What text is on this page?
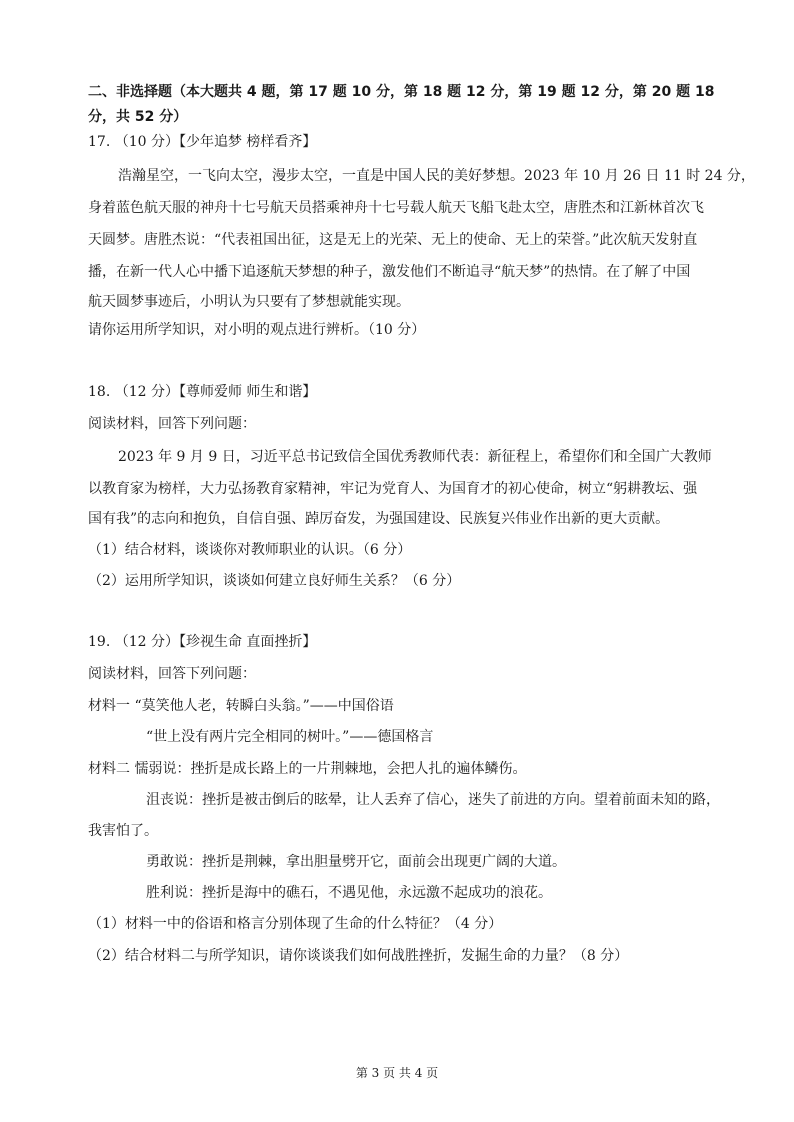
二、非选择题（本大题共 4 题，第 17 题 10 分，第 18 题 12 分，第 19 题 12 分，第 20 题 18
分，共 52 分）
17. （10 分）【少年追梦 榜样看齐】
浩瀚星空，一飞向太空，漫步太空，一直是中国人民的美好梦想。2023 年 10 月 26 日 11 时 24 分，
身着蓝色航天服的神舟十七号航天员搭乘神舟十七号载人航天飞船飞赴太空，唐胜杰和江新林首次飞
天圆梦。唐胜杰说：“代表祖国出征，这是无上的光荣、无上的使命、无上的荣誉。”此次航天发射直
播，在新一代人心中播下追逐航天梦想的种子，激发他们不断追寻“航天梦”的热情。在了解了中国
航天圆梦事迹后，小明认为只要有了梦想就能实现。
请你运用所学知识，对小明的观点进行辨析。（10 分）
18. （12 分）【尊师爱师 师生和谐】
阅读材料，回答下列问题：
2023 年 9 月 9 日，习近平总书记致信全国优秀教师代表：新征程上，希望你们和全国广大教师
以教育家为榜样，大力弘扬教育家精神，牢记为党育人、为国育才的初心使命，树立“躬耕教坛、强
国有我”的志向和抱负，自信自强、踔厉奋发，为强国建设、民族复兴伟业作出新的更大贡献。
（1）结合材料，谈谈你对教师职业的认识。（6 分）
（2）运用所学知识，谈谈如何建立良好师生关系？（6 分）
19. （12 分）【珍视生命 直面挫折】
阅读材料，回答下列问题：
材料一 “莫笑他人老，转瞬白头翁。”——中国俗语
“世上没有两片完全相同的树叶。”——德国格言
材料二 懦弱说：挫折是成长路上的一片荆棘地，会把人扎的遍体鳞伤。
沮丧说：挫折是被击倒后的眩晕，让人丢弃了信心，迷失了前进的方向。望着前面未知的路，
我害怕了。
勇敢说：挫折是荆棘，拿出胆量劈开它，面前会出现更广阔的大道。
胜利说：挫折是海中的礁石，不遇见他，永远激不起成功的浪花。
（1）材料一中的俗语和格言分别体现了生命的什么特征？（4 分）
（2）结合材料二与所学知识，请你谈谈我们如何战胜挫折，发掘生命的力量？（8 分）
第 3 页 共 4 页
